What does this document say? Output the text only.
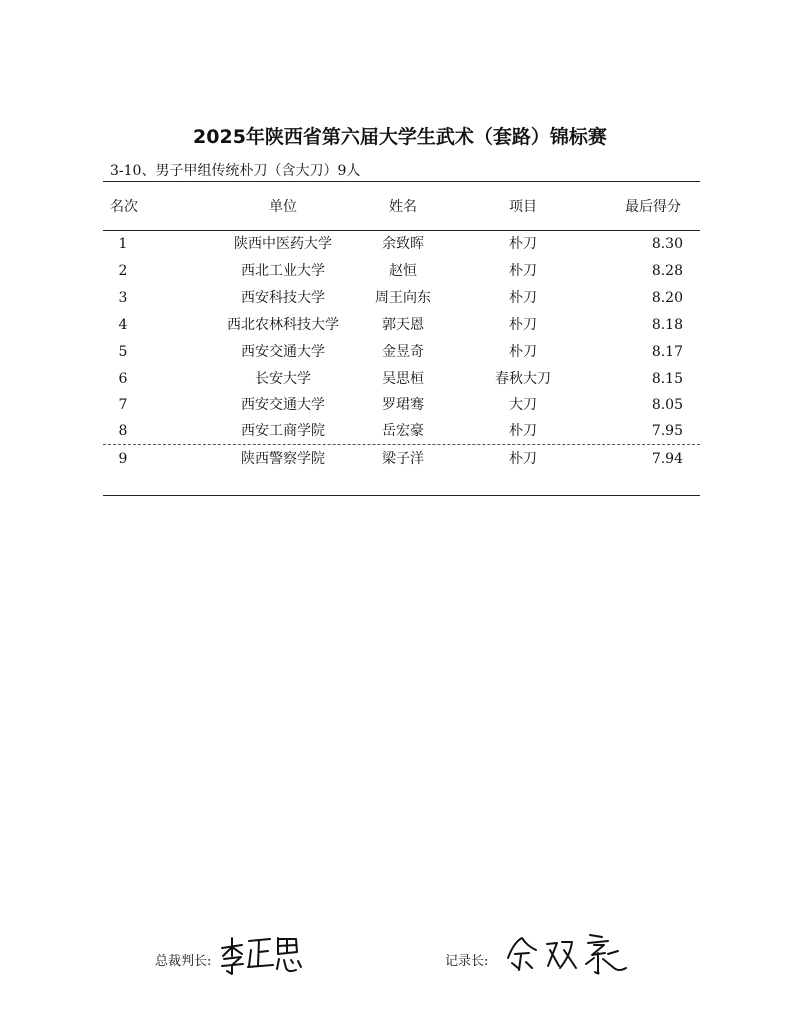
2025年陕西省第六届大学生武术（套路）锦标赛
3-10、男子甲组传统朴刀（含大刀）9人
名次	单位	姓名	项目	最后得分
1	陕西中医药大学	余致晖	朴刀	8.30
2	西北工业大学	赵恒	朴刀	8.28
3	西安科技大学	周王向东	朴刀	8.20
4	西北农林科技大学	郭天恩	朴刀	8.18
5	西安交通大学	金昱奇	朴刀	8.17
6	长安大学	吴思桓	春秋大刀	8.15
7	西安交通大学	罗珺骞	大刀	8.05
8	西安工商学院	岳宏豪	朴刀	7.95
9	陕西警察学院	梁子洋	朴刀	7.94
总裁判长:	记录长:
